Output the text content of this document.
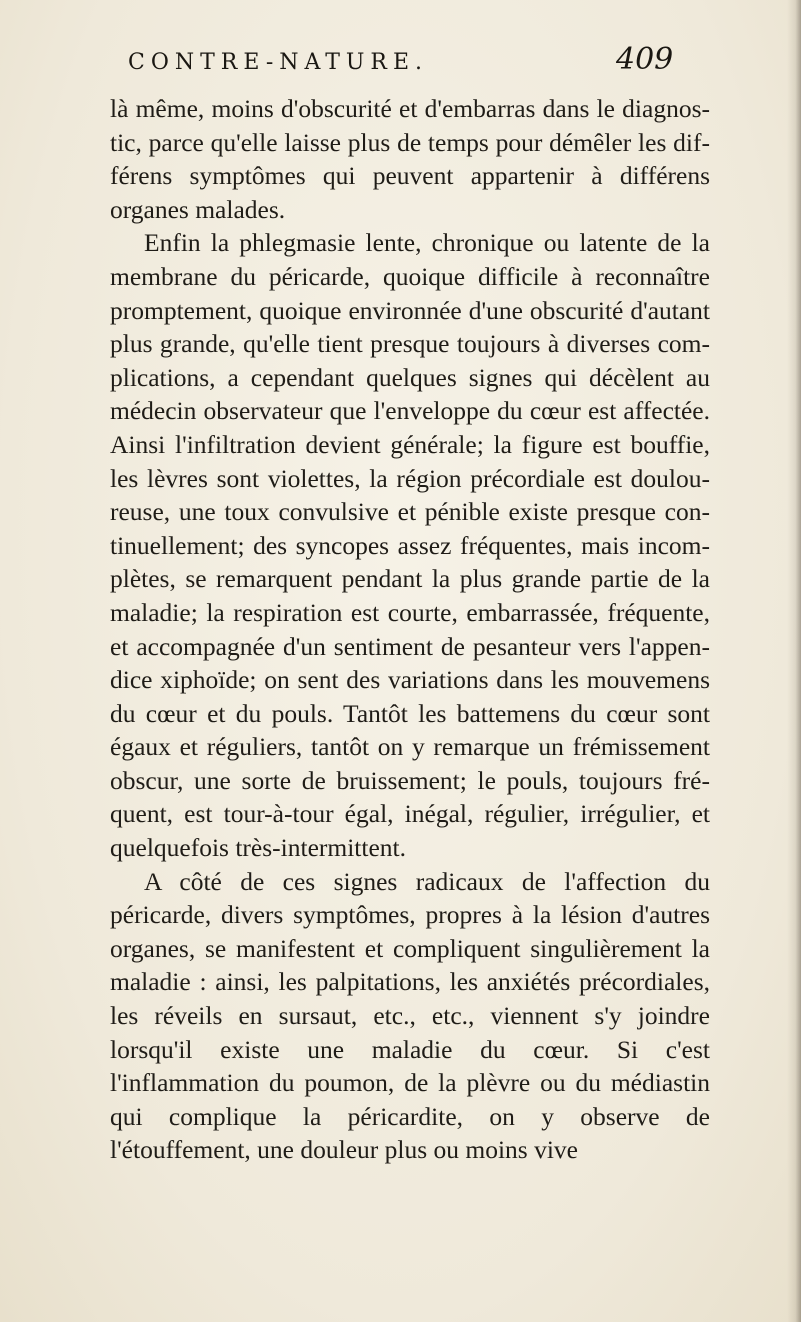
CONTRE-NATURE.	409

là même, moins d'obscurité et d'embarras dans le diagnostic, parce qu'elle laisse plus de temps pour démêler les différens symptômes qui peuvent appartenir à différens organes malades.

Enfin la phlegmasie lente, chronique ou latente de la membrane du péricarde, quoique difficile à reconnaître promptement, quoique environnée d'une obscurité d'autant plus grande, qu'elle tient presque toujours à diverses complications, a cependant quelques signes qui décèlent au médecin observateur que l'enveloppe du cœur est affectée. Ainsi l'infiltration devient générale; la figure est bouffie, les lèvres sont violettes, la région précordiale est douloureuse, une toux convulsive et pénible existe presque continuellement; des syncopes assez fréquentes, mais incomplètes, se remarquent pendant la plus grande partie de la maladie; la respiration est courte, embarrassée, fréquente, et accompagnée d'un sentiment de pesanteur vers l'appendice xiphoïde; on sent des variations dans les mouvemens du cœur et du pouls. Tantôt les battemens du cœur sont égaux et réguliers, tantôt on y remarque un frémissement obscur, une sorte de bruissement; le pouls, toujours fréquent, est tour-à-tour égal, inégal, régulier, irrégulier, et quelquefois très-intermittent.

A côté de ces signes radicaux de l'affection du péricarde, divers symptômes, propres à la lésion d'autres organes, se manifestent et compliquent singulièrement la maladie : ainsi, les palpitations, les anxiétés précordiales, les réveils en sursaut, etc., etc., viennent s'y joindre lorsqu'il existe une maladie du cœur. Si c'est l'inflammation du poumon, de la plèvre ou du médiastin qui complique la péricardite, on y observe de l'étouffement, une douleur plus ou moins vive
